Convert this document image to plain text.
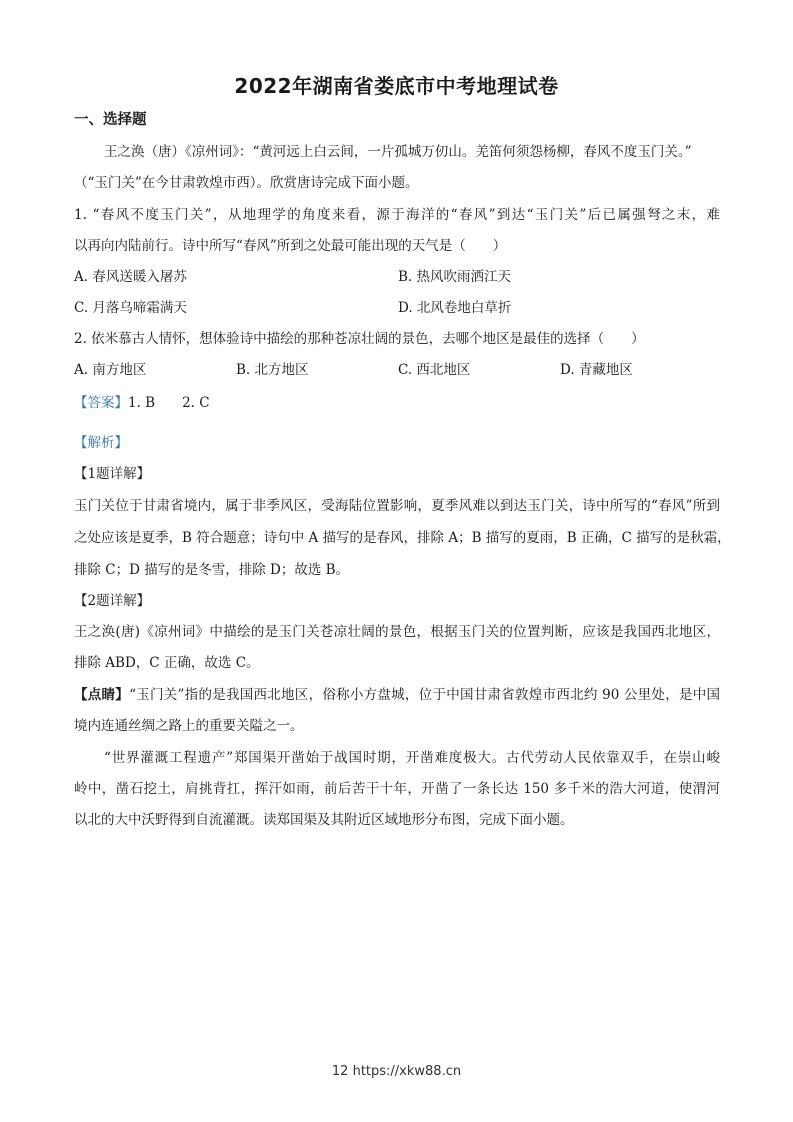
2022年湖南省娄底市中考地理试卷
一、选择题
王之涣（唐）《凉州词》：“黄河远上白云间，一片孤城万仞山。羌笛何须怨杨柳，春风不度玉门关。”
（“玉门关”在今甘肃敦煌市西）。欣赏唐诗完成下面小题。
1. “春风不度玉门关”，从地理学的角度来看，源于海洋的“春风”到达“玉门关”后已属强弩之末，难
以再向内陆前行。诗中所写“春风”所到之处最可能出现的天气是（　　）
A. 春风送暖入屠苏	B. 热风吹雨洒江天
C. 月落乌啼霜满天	D. 北风卷地白草折
2. 依米慕古人情怀，想体验诗中描绘的那种苍凉壮阔的景色，去哪个地区是最佳的选择（　　）
A. 南方地区	B. 北方地区	C. 西北地区	D. 青藏地区
【答案】1. B　　2. C
【解析】
【1题详解】
玉门关位于甘肃省境内，属于非季风区，受海陆位置影响，夏季风难以到达玉门关，诗中所写的“春风”所到
之处应该是夏季，B 符合题意；诗句中 A 描写的是春风，排除 A；B 描写的夏雨，B 正确，C 描写的是秋霜，
排除 C；D 描写的是冬雪，排除 D；故选 B。
【2题详解】
王之涣(唐)《凉州词》中描绘的是玉门关苍凉壮阔的景色，根据玉门关的位置判断，应该是我国西北地区，
排除 ABD，C 正确，故选 C。
【点睛】“玉门关”指的是我国西北地区，俗称小方盘城，位于中国甘肃省敦煌市西北约 90 公里处，是中国
境内连通丝绸之路上的重要关隘之一。
“世界灌溉工程遗产”郑国渠开凿始于战国时期，开凿难度极大。古代劳动人民依靠双手，在崇山峻
岭中，凿石挖土，肩挑背扛，挥汗如雨，前后苦干十年，开凿了一条长达 150 多千米的浩大河道，使渭河
以北的大中沃野得到自流灌溉。读郑国渠及其附近区域地形分布图，完成下面小题。
12 https://xkw88.cn
